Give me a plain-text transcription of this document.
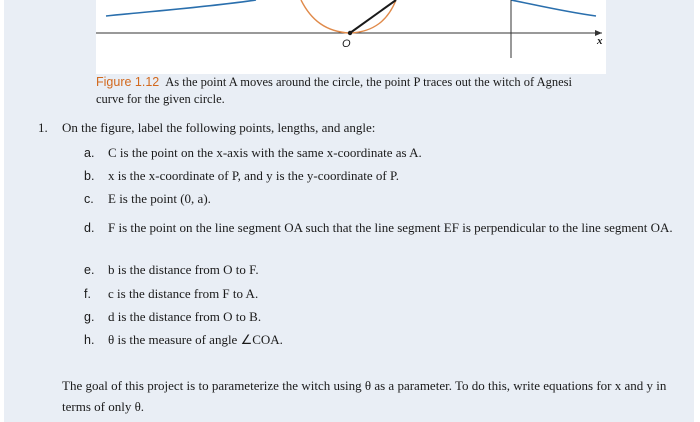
O	x
Figure 1.12 As the point A moves around the circle, the point P traces out the witch of Agnesi curve for the given circle.
1. On the figure, label the following points, lengths, and angle:
a.	C is the point on the x-axis with the same x-coordinate as A.
b.	x is the x-coordinate of P, and y is the y-coordinate of P.
c.	E is the point (0, a).
d.	F is the point on the line segment OA such that the line segment EF is perpendicular to the line segment OA.
e.	b is the distance from O to F.
f.	c is the distance from F to A.
g.	d is the distance from O to B.
h.	θ is the measure of angle ∠COA.
The goal of this project is to parameterize the witch using θ as a parameter. To do this, write equations for x and y in terms of only θ.
